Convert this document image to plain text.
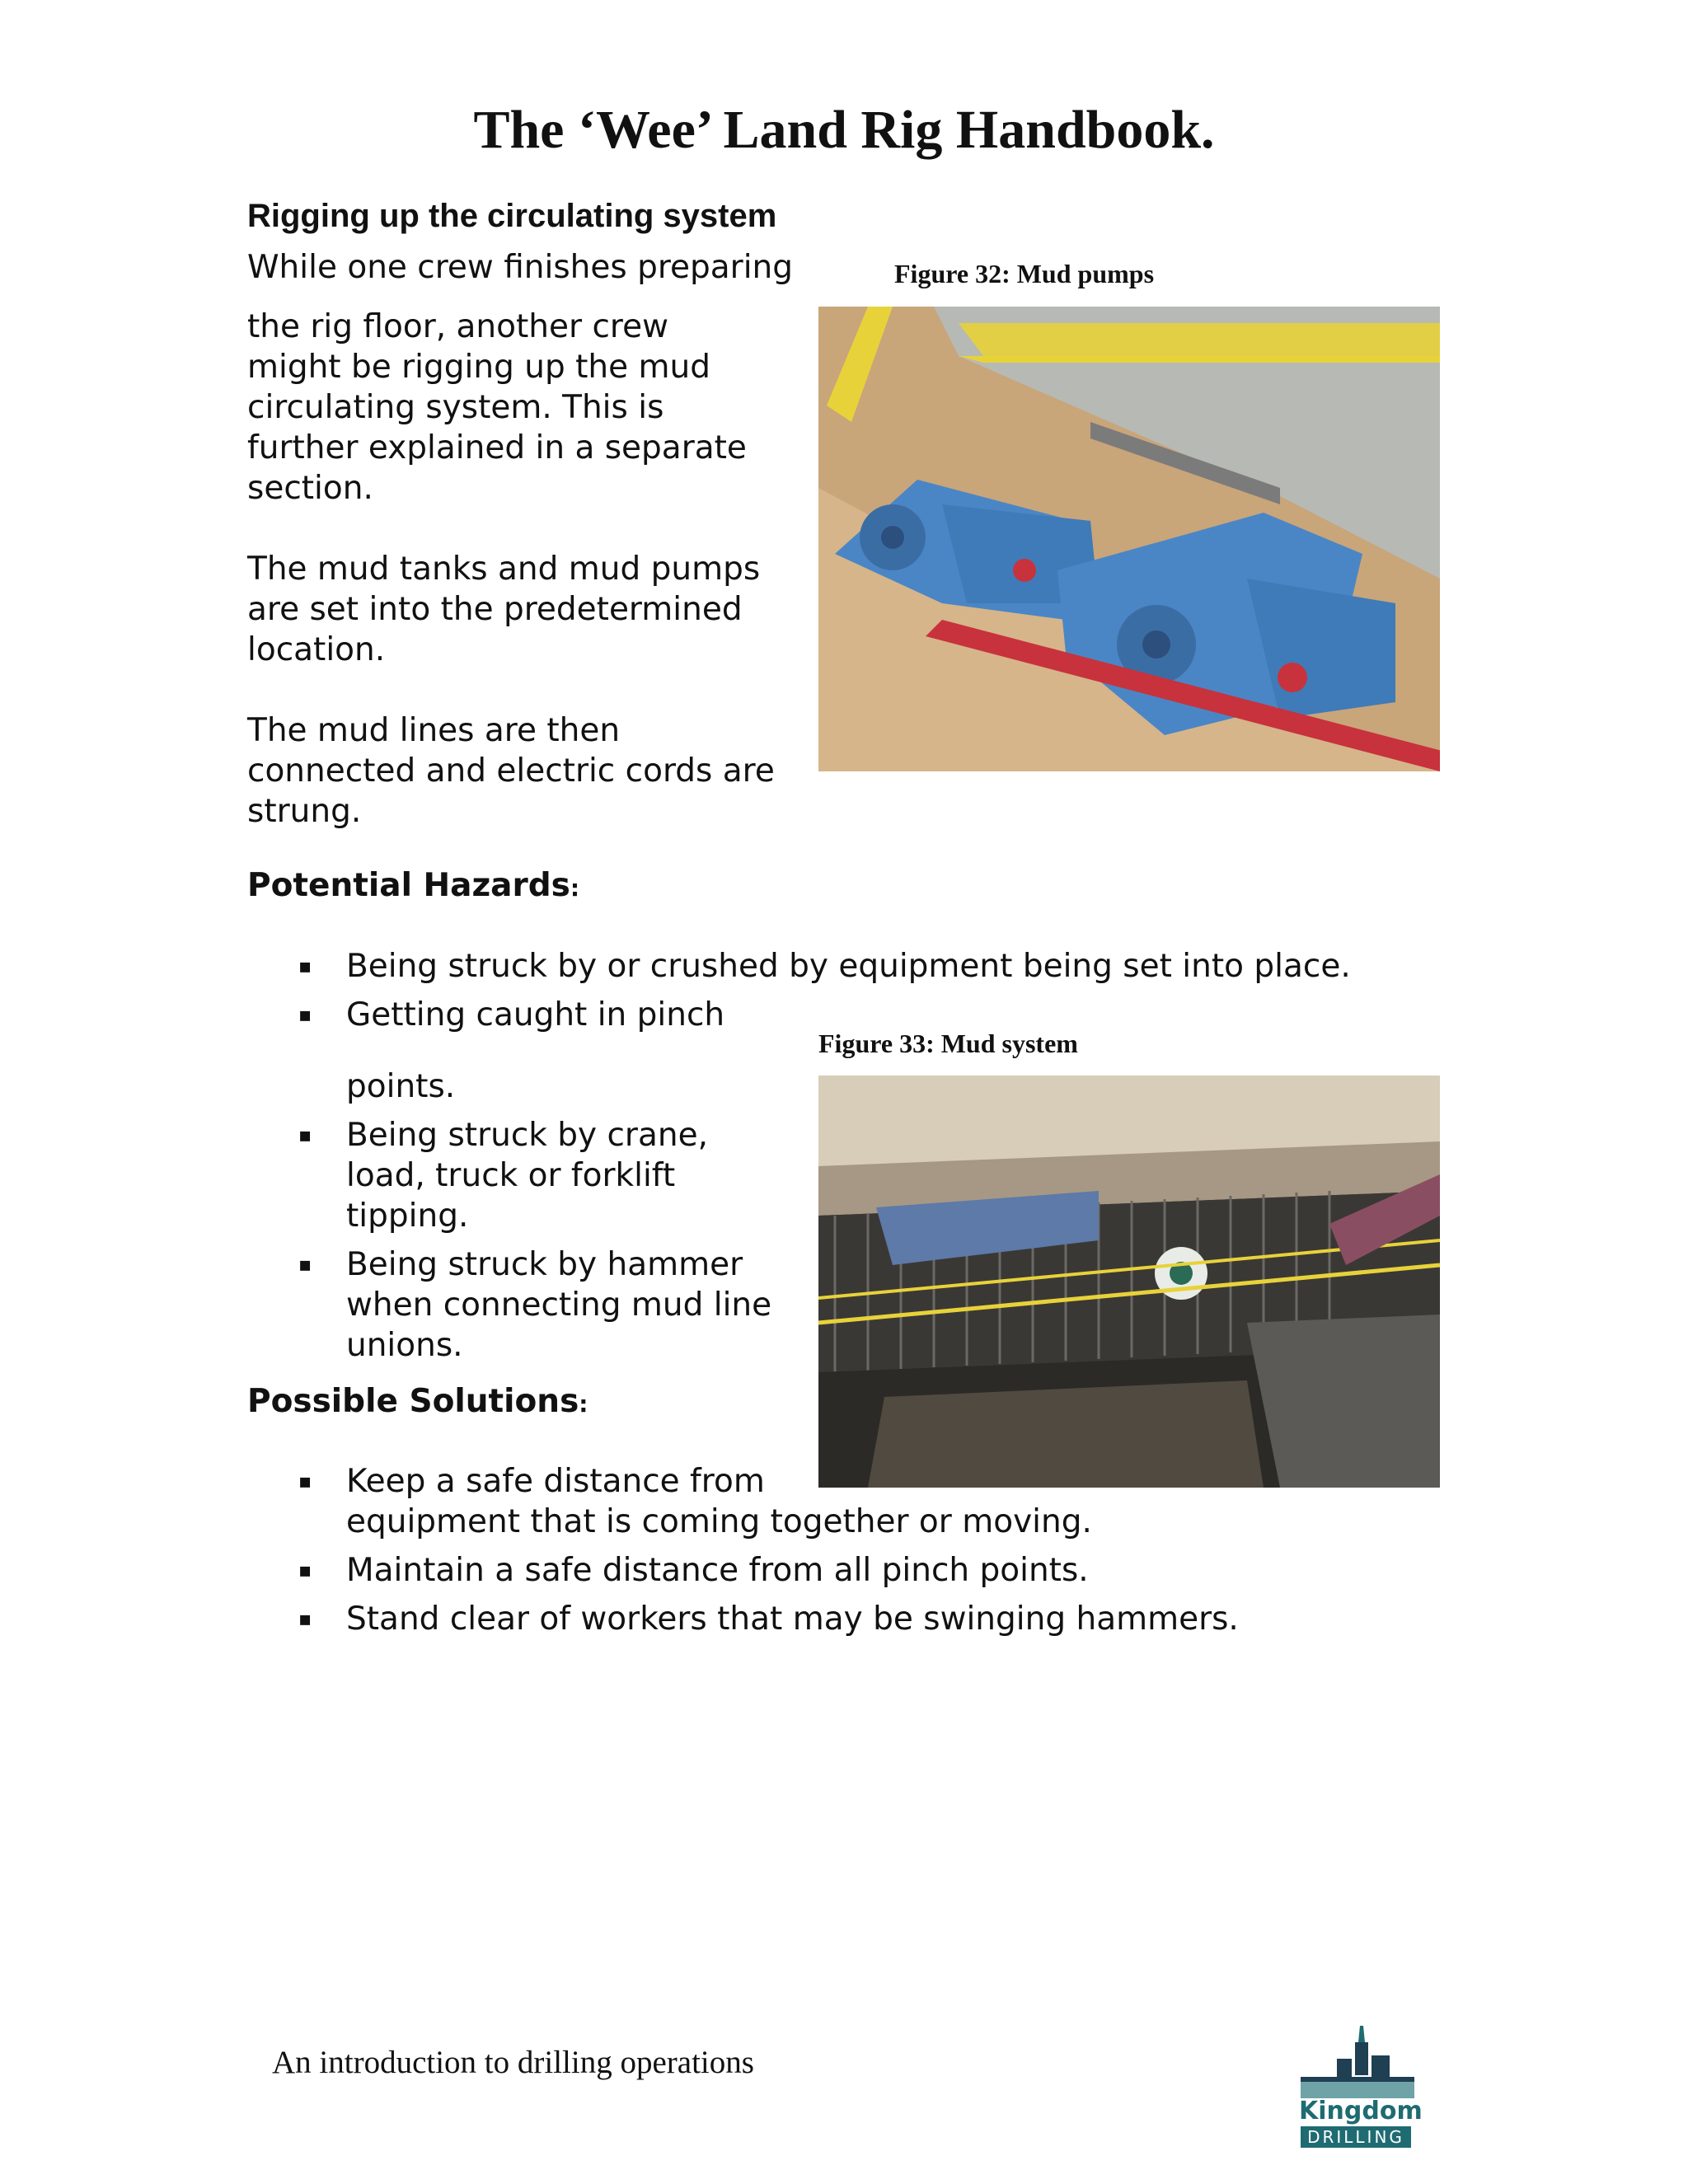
The ‘Wee’ Land Rig Handbook.
Rigging up the circulating system

While one crew finishes preparing

the rig floor, another crew
might be rigging up the mud
circulating system. This is
further explained in a separate
section.

The mud tanks and mud pumps
are set into the predetermined
location.

The mud lines are then
connected and electric cords are
strung.

Figure 32: Mud pumps
Potential Hazards:
▪ Being struck by or crushed by equipment being set into place.
▪ Getting caught in pinch
points.
▪ Being struck by crane,
load, truck or forklift
tipping.
▪ Being struck by hammer
when connecting mud line
unions.
Figure 33: Mud system
Possible Solutions:
▪ Keep a safe distance from
equipment that is coming together or moving.
▪ Maintain a safe distance from all pinch points.
▪ Stand clear of workers that may be swinging hammers.
An introduction to drilling operations
Kingdom
DRILLING
